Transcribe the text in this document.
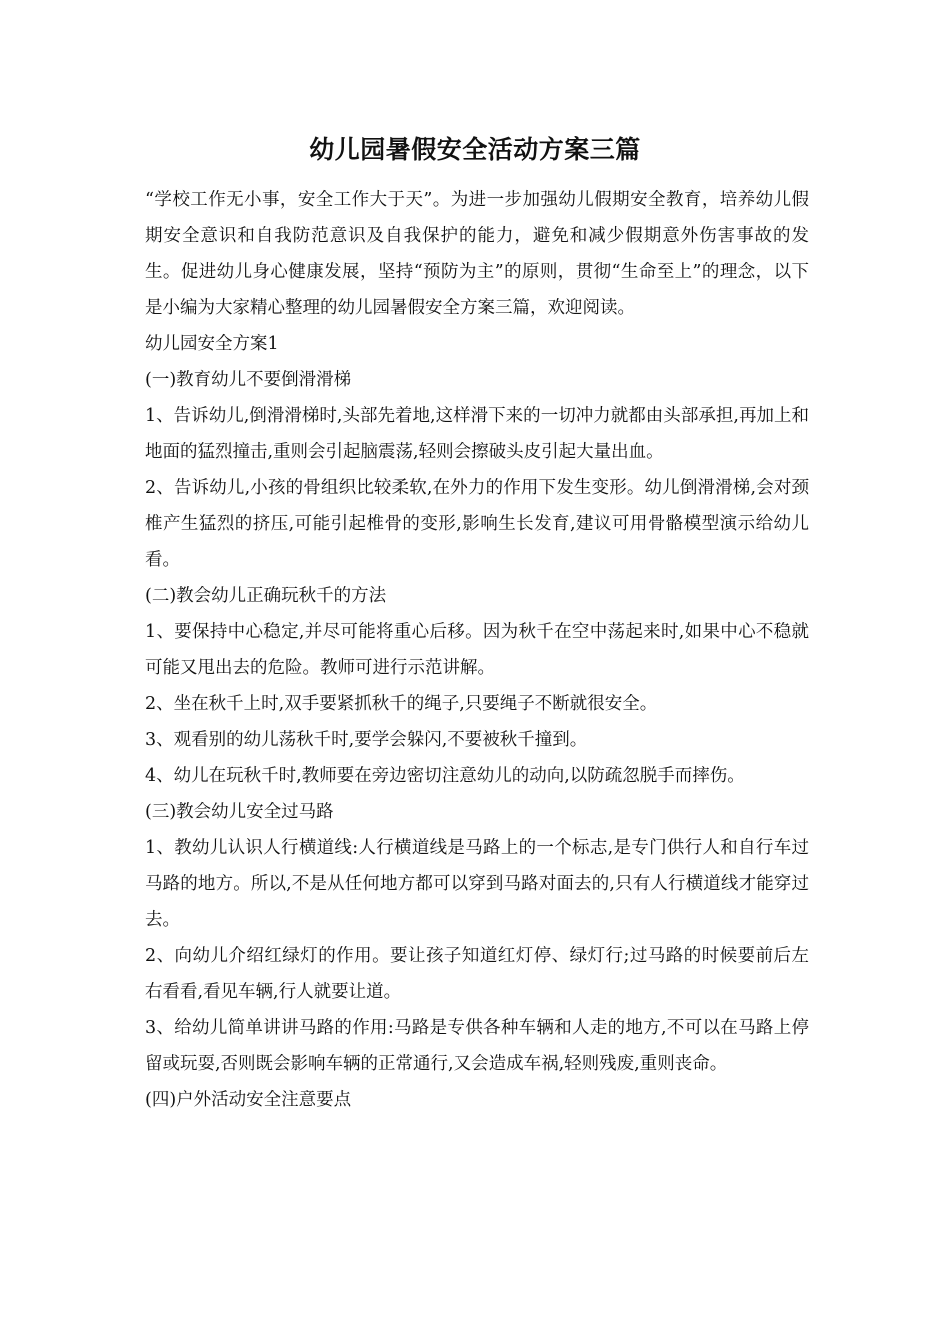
幼儿园暑假安全活动方案三篇

“学校工作无小事，安全工作大于天”。为进一步加强幼儿假期安全教育，培养幼儿假期安全意识和自我防范意识及自我保护的能力，避免和减少假期意外伤害事故的发生。促进幼儿身心健康发展，坚持“预防为主”的原则，贯彻“生命至上”的理念，以下是小编为大家精心整理的幼儿园暑假安全方案三篇，欢迎阅读。

幼儿园安全方案1

(一)教育幼儿不要倒滑滑梯

1、告诉幼儿,倒滑滑梯时,头部先着地,这样滑下来的一切冲力就都由头部承担,再加上和地面的猛烈撞击,重则会引起脑震荡,轻则会擦破头皮引起大量出血。

2、告诉幼儿,小孩的骨组织比较柔软,在外力的作用下发生变形。幼儿倒滑滑梯,会对颈椎产生猛烈的挤压,可能引起椎骨的变形,影响生长发育,建议可用骨骼模型演示给幼儿看。

(二)教会幼儿正确玩秋千的方法

1、要保持中心稳定,并尽可能将重心后移。因为秋千在空中荡起来时,如果中心不稳就可能又甩出去的危险。教师可进行示范讲解。

2、坐在秋千上时,双手要紧抓秋千的绳子,只要绳子不断就很安全。

3、观看别的幼儿荡秋千时,要学会躲闪,不要被秋千撞到。

4、幼儿在玩秋千时,教师要在旁边密切注意幼儿的动向,以防疏忽脱手而摔伤。

(三)教会幼儿安全过马路

1、教幼儿认识人行横道线:人行横道线是马路上的一个标志,是专门供行人和自行车过马路的地方。所以,不是从任何地方都可以穿到马路对面去的,只有人行横道线才能穿过去。

2、向幼儿介绍红绿灯的作用。要让孩子知道红灯停、绿灯行;过马路的时候要前后左右看看,看见车辆,行人就要让道。

3、给幼儿简单讲讲马路的作用:马路是专供各种车辆和人走的地方,不可以在马路上停留或玩耍,否则既会影响车辆的正常通行,又会造成车祸,轻则残废,重则丧命。

(四)户外活动安全注意要点
